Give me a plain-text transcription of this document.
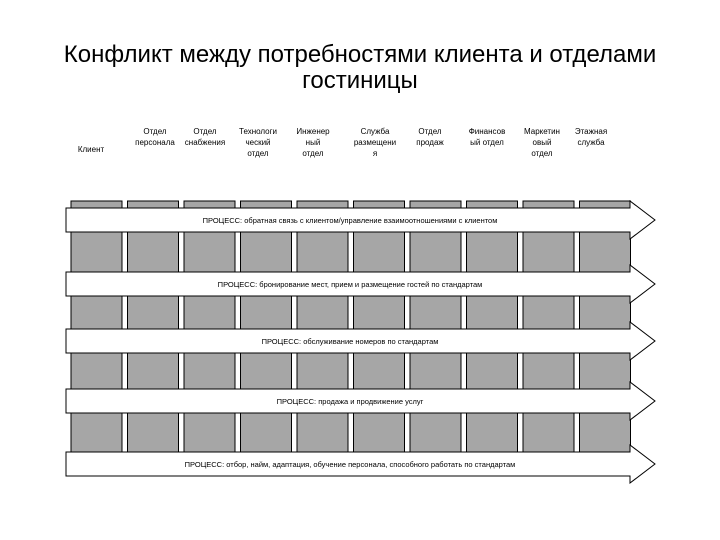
Конфликт между потребностями клиента и отделами гостиницы
ПРОЦЕСС: обратная связь с клиентом/управление взаимоотношениями с клиентом
ПРОЦЕСС: бронирование мест, прием и размещение гостей по стандартам
ПРОЦЕСС: обслуживание номеров по стандартам
ПРОЦЕСС: продажа и продвижение услуг
ПРОЦЕСС: отбор, найм, адаптация, обучение персонала, способного работать по стандартам
Клиент
Отдел
персонала
Отдел
снабжения
Технологи
ческий
отдел
Инженер
ный
отдел
Служба
размещени
я
Отдел
продаж
Финансов
ый отдел
Маркетин
овый
отдел
Этажная
служба
